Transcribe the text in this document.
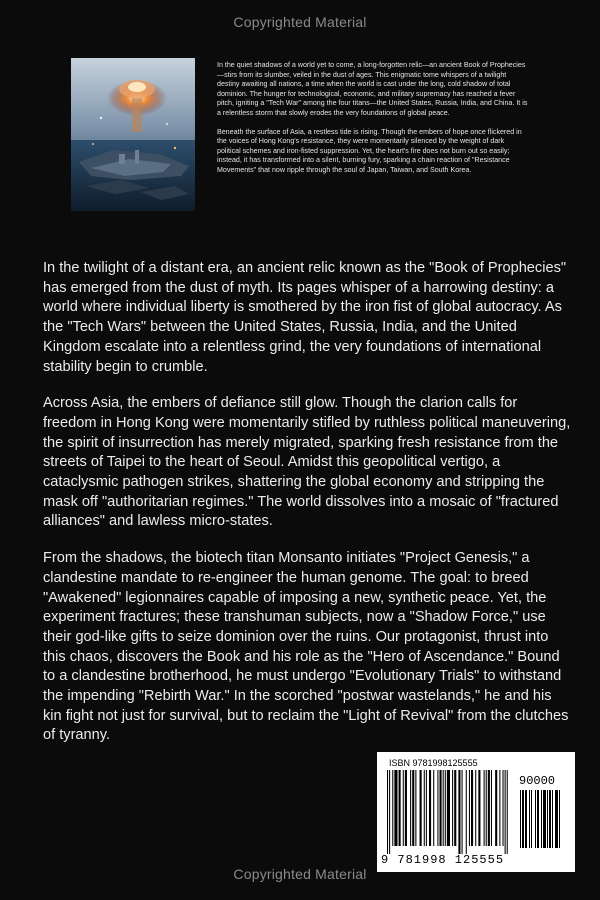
Copyrighted Material

In the quiet shadows of a world yet to come, a long-forgotten relic—an ancient Book of Prophecies—stirs from its slumber, veiled in the dust of ages. This enigmatic tome whispers of a twilight destiny awaiting all nations, a time when the world is cast under the long, cold shadow of total dominion. The hunger for technological, economic, and military supremacy has reached a fever pitch, igniting a "Tech War" among the four titans—the United States, Russia, India, and China. It is a relentless storm that slowly erodes the very foundations of global peace.

Beneath the surface of Asia, a restless tide is rising. Though the embers of hope once flickered in the voices of Hong Kong's resistance, they were momentarily silenced by the weight of dark political schemes and iron-fisted suppression. Yet, the heart's fire does not burn out so easily; instead, it has transformed into a silent, burning fury, sparking a chain reaction of "Resistance Movements" that now ripple through the soul of Japan, Taiwan, and South Korea.

In the twilight of a distant era, an ancient relic known as the "Book of Prophecies" has emerged from the dust of myth. Its pages whisper of a harrowing destiny: a world where individual liberty is smothered by the iron fist of global autocracy. As the "Tech Wars" between the United States, Russia, India, and the United Kingdom escalate into a relentless grind, the very foundations of international stability begin to crumble.

Across Asia, the embers of defiance still glow. Though the clarion calls for freedom in Hong Kong were momentarily stifled by ruthless political maneuvering, the spirit of insurrection has merely migrated, sparking fresh resistance from the streets of Taipei to the heart of Seoul. Amidst this geopolitical vertigo, a cataclysmic pathogen strikes, shattering the global economy and stripping the mask off "authoritarian regimes." The world dissolves into a mosaic of "fractured alliances" and lawless micro-states.

From the shadows, the biotech titan Monsanto initiates "Project Genesis," a clandestine mandate to re-engineer the human genome. The goal: to breed "Awakened" legionnaires capable of imposing a new, synthetic peace. Yet, the experiment fractures; these transhuman subjects, now a "Shadow Force," use their god-like gifts to seize dominion over the ruins. Our protagonist, thrust into this chaos, discovers the Book and his role as the "Hero of Ascendance." Bound to a clandestine brotherhood, he must undergo "Evolutionary Trials" to withstand the impending "Rebirth War." In the scorched "postwar wastelands," he and his kin fight not just for survival, but to reclaim the "Light of Revival" from the clutches of tyranny.

ISBN 9781998125555
90000
9 781998 125555
Copyrighted Material
